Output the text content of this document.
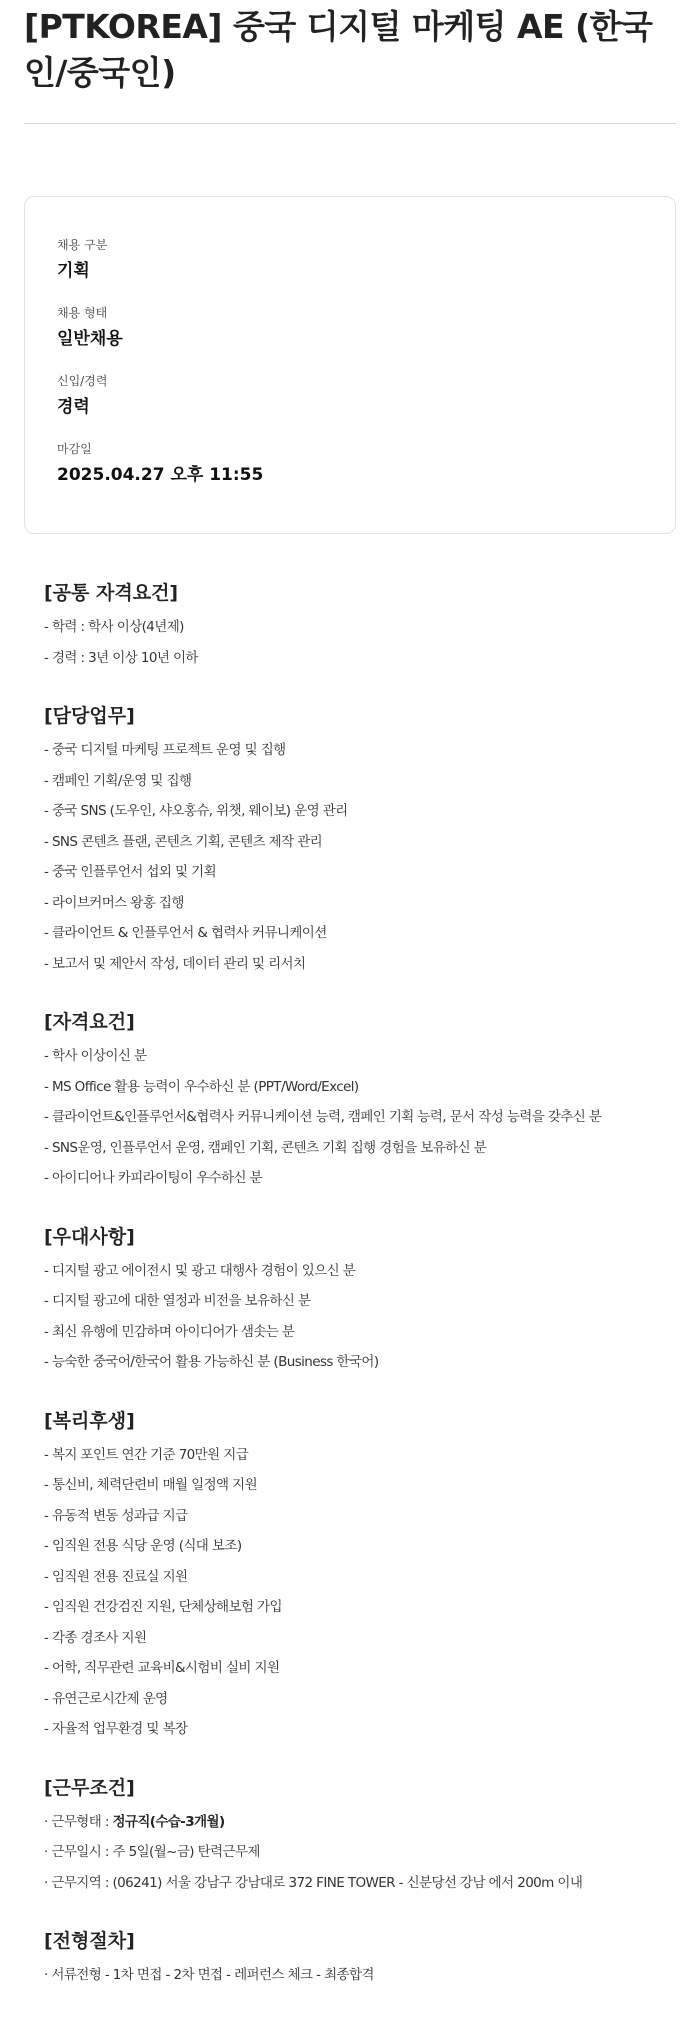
[PTKOREA] 중국 디지털 마케팅 AE (한국인/중국인)
채용 구분
기획
채용 형태
일반채용
신입/경력
경력
마감일
2025.04.27 오후 11:55
[공통 자격요건]
- 학력 : 학사 이상(4년제)
- 경력 : 3년 이상 10년 이하
[담당업무]
- 중국 디지털 마케팅 프로젝트 운영 및 집행
- 캠페인 기획/운영 및 집행
- 중국 SNS (도우인, 샤오홍슈, 위챗, 웨이보) 운영 관리
- SNS 콘텐츠 플랜, 콘텐츠 기획, 콘텐츠 제작 관리
- 중국 인플루언서 섭외 및 기획
- 라이브커머스 왕홍 집행
- 클라이언트 & 인플루언서 & 협력사 커뮤니케이션
- 보고서 및 제안서 작성, 데이터 관리 및 리서치
[자격요건]
- 학사 이상이신 분
- MS Office 활용 능력이 우수하신 분 (PPT/Word/Excel)
- 클라이언트&인플루언서&협력사 커뮤니케이션 능력, 캠페인 기획 능력, 문서 작성 능력을 갖추신 분
- SNS운영, 인플루언서 운영, 캠페인 기획, 콘텐츠 기획 집행 경험을 보유하신 분
- 아이디어나 카피라이팅이 우수하신 분
[우대사항]
- 디지털 광고 에이전시 및 광고 대행사 경험이 있으신 분
- 디지털 광고에 대한 열정과 비전을 보유하신 분
- 최신 유행에 민감하며 아이디어가 샘솟는 분
- 능숙한 중국어/한국어 활용 가능하신 분 (Business 한국어)
[복리후생]
- 복지 포인트 연간 기준 70만원 지급
- 통신비, 체력단련비 매월 일정액 지원
- 유동적 변동 성과급 지급
- 임직원 전용 식당 운영 (식대 보조)
- 임직원 전용 진료실 지원
- 임직원 건강검진 지원, 단체상해보험 가입
- 각종 경조사 지원
- 어학, 직무관련 교육비&시험비 실비 지원
- 유연근로시간제 운영
- 자율적 업무환경 및 복장
[근무조건]
· 근무형태 : 정규직(수습-3개월)
· 근무일시 : 주 5일(월~금) 탄력근무제
· 근무지역 : (06241) 서울 강남구 강남대로 372 FINE TOWER - 신분당선 강남 에서 200m 이내
[전형절차]
· 서류전형 - 1차 면접 - 2차 면접 - 레퍼런스 체크 - 최종합격
